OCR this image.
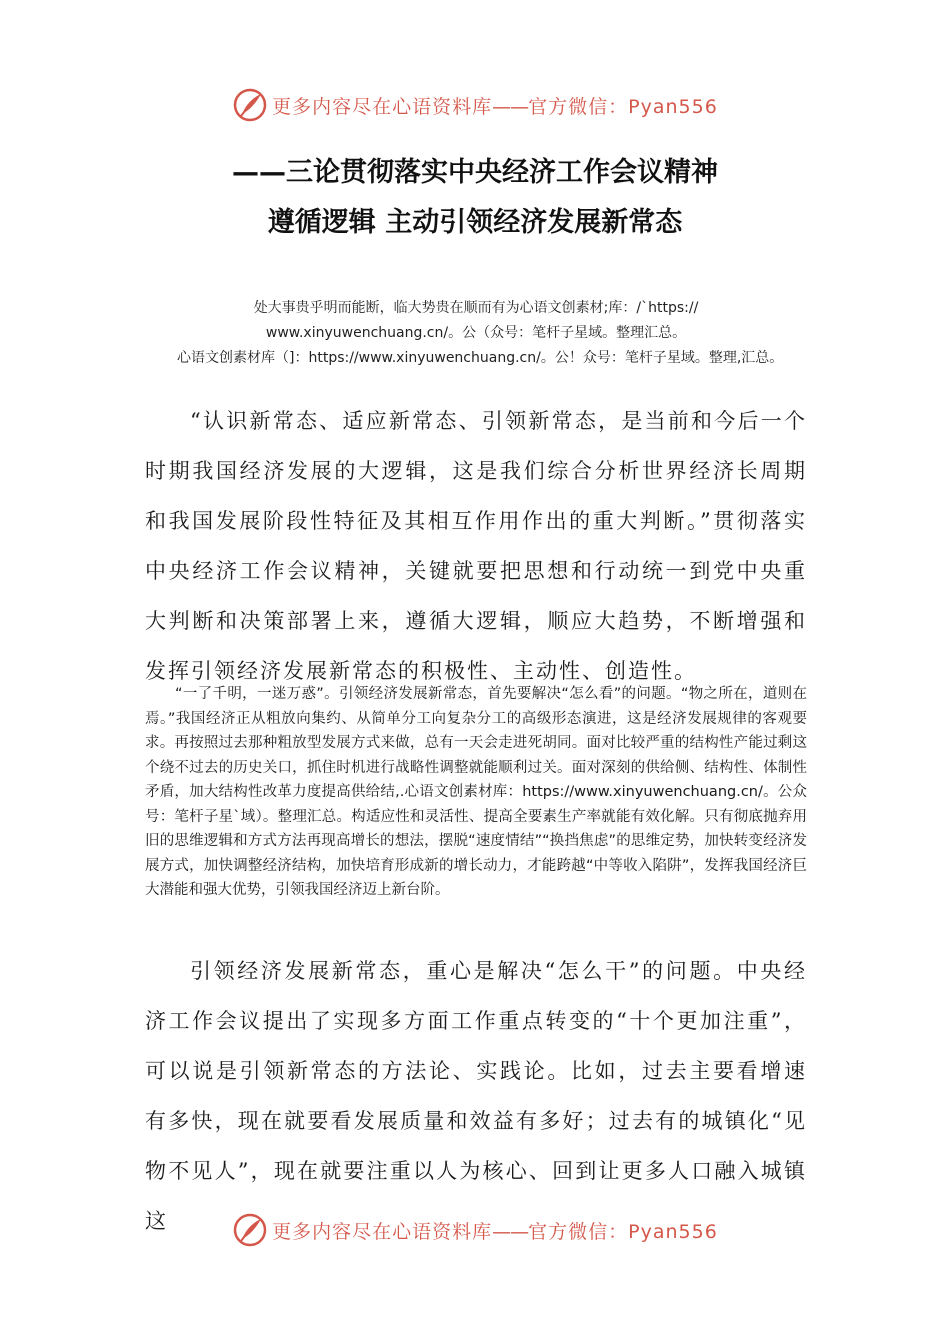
更多内容尽在心语资料库——官方微信：Pyan556
——三论贯彻落实中央经济工作会议精神
遵循逻辑 主动引领经济发展新常态
处大事贵乎明而能断，临大势贵在顺而有为心语文创素材;库：/`https://
www.xinyuwenchuang.cn/。公（众号：笔杆子星域。整理汇总。
心语文创素材库（]：https://www.xinyuwenchuang.cn/。公！众号：笔杆子星域。整理,汇总。

“认识新常态、适应新常态、引领新常态，是当前和今后一个时期我国经济发展的大逻辑，这是我们综合分析世界经济长周期和我国发展阶段性特征及其相互作用作出的重大判断。”贯彻落实中央经济工作会议精神，关键就要把思想和行动统一到党中央重大判断和决策部署上来，遵循大逻辑，顺应大趋势，不断增强和发挥引领经济发展新常态的积极性、主动性、创造性。

“一了千明，一迷万惑”。引领经济发展新常态，首先要解决“怎么看”的问题。“物之所在，道则在焉。”我国经济正从粗放向集约、从简单分工向复杂分工的高级形态演进，这是经济发展规律的客观要求。再按照过去那种粗放型发展方式来做，总有一天会走进死胡同。面对比较严重的结构性产能过剩这个绕不过去的历史关口，抓住时机进行战略性调整就能顺利过关。面对深刻的供给侧、结构性、体制性矛盾，加大结构性改革力度提高供给结,.心语文创素材库：https://www.xinyuwenchuang.cn/。公众号：笔杆子星`域）。整理汇总。构适应性和灵活性、提高全要素生产率就能有效化解。只有彻底抛弃用旧的思维逻辑和方式方法再现高增长的想法，摆脱“速度情结”“换挡焦虑”的思维定势，加快转变经济发展方式，加快调整经济结构，加快培育形成新的增长动力，才能跨越“中等收入陷阱”，发挥我国经济巨大潜能和强大优势，引领我国经济迈上新台阶。

引领经济发展新常态，重心是解决“怎么干”的问题。中央经济工作会议提出了实现多方面工作重点转变的“十个更加注重”，可以说是引领新常态的方法论、实践论。比如，过去主要看增速有多快，现在就要看发展质量和效益有多好；过去有的城镇化“见物不见人”，现在就要注重以人为核心、回到让更多人口融入城镇这	更多内容尽在心语资料库——官方微信：Pyan556
